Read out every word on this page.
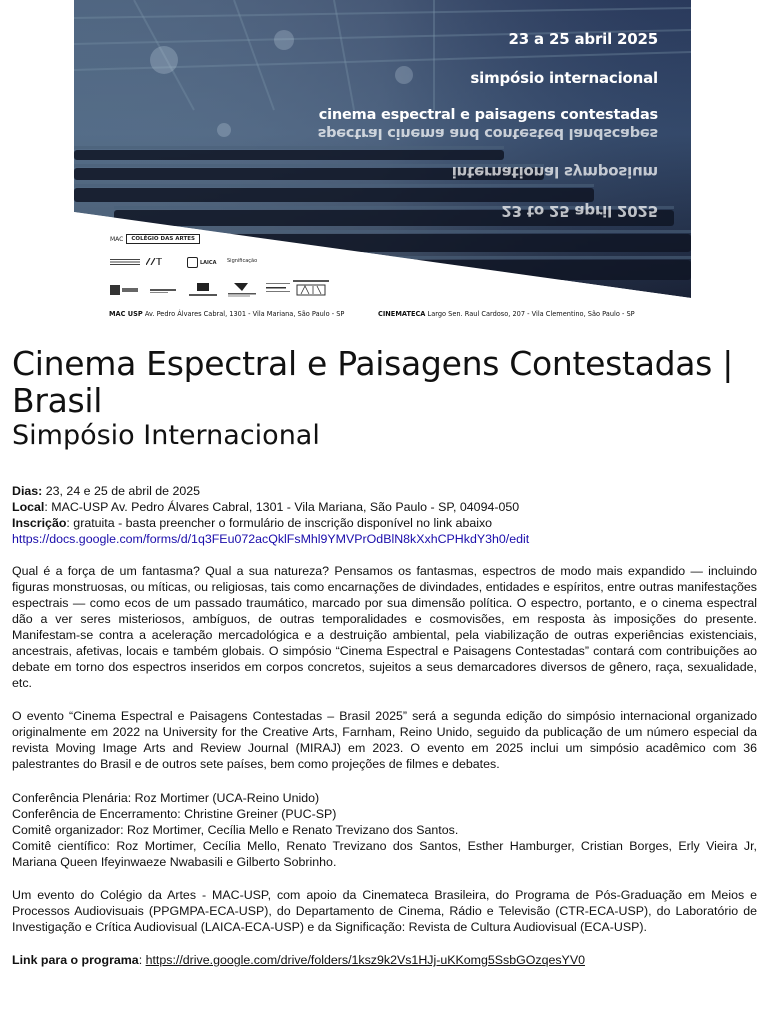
23 a 25 abril 2025
simpósio internacional
cinema espectral e paisagens contestadas
spectral cinema and contested landscapes
international symposium
23 to 25 april 2025
MAC	COLÉGIO DAS ARTES
LAICA Significação
MAC USP Av. Pedro Álvares Cabral, 1301 - Vila Mariana, São Paulo - SP	CINEMATECA Largo Sen. Raul Cardoso, 207 - Vila Clementino, São Paulo - SP
Cinema Espectral e Paisagens Contestadas | Brasil
Simpósio Internacional
Dias: 23, 24 e 25 de abril de 2025
Local: MAC-USP Av. Pedro Álvares Cabral, 1301 - Vila Mariana, São Paulo - SP, 04094-050
Inscrição: gratuita - basta preencher o formulário de inscrição disponível no link abaixo
https://docs.google.com/forms/d/1q3FEu072acQklFsMhl9YMVPrOdBlN8kXxhCPHkdY3h0/edit

Qual é a força de um fantasma? Qual a sua natureza? Pensamos os fantasmas, espectros de modo mais expandido — incluindo figuras monstruosas, ou míticas, ou religiosas, tais como encarnações de divindades, entidades e espíritos, entre outras manifestações espectrais — como ecos de um passado traumático, marcado por sua dimensão política. O espectro, portanto, e o cinema espectral dão a ver seres misteriosos, ambíguos, de outras temporalidades e cosmovisões, em resposta às imposições do presente. Manifestam-se contra a aceleração mercadológica e a destruição ambiental, pela viabilização de outras experiências existenciais, ancestrais, afetivas, locais e também globais. O simpósio “Cinema Espectral e Paisagens Contestadas” contará com contribuições ao debate em torno dos espectros inseridos em corpos concretos, sujeitos a seus demarcadores diversos de gênero, raça, sexualidade, etc.

O evento “Cinema Espectral e Paisagens Contestadas – Brasil 2025” será a segunda edição do simpósio internacional organizado originalmente em 2022 na University for the Creative Arts, Farnham, Reino Unido, seguido da publicação de um número especial da revista Moving Image Arts and Review Journal (MIRAJ) em 2023. O evento em 2025 inclui um simpósio acadêmico com 36 palestrantes do Brasil e de outros sete países, bem como projeções de filmes e debates.

Conferência Plenária: Roz Mortimer (UCA-Reino Unido)
Conferência de Encerramento: Christine Greiner (PUC-SP)
Comitê organizador: Roz Mortimer, Cecília Mello e Renato Trevizano dos Santos.
Comitê científico: Roz Mortimer, Cecília Mello, Renato Trevizano dos Santos, Esther Hamburger, Cristian Borges, Erly Vieira Jr, Mariana Queen Ifeyinwaeze Nwabasili e Gilberto Sobrinho.

Um evento do Colégio da Artes - MAC-USP, com apoio da Cinemateca Brasileira, do Programa de Pós-Graduação em Meios e Processos Audiovisuais (PPGMPA-ECA-USP), do Departamento de Cinema, Rádio e Televisão (CTR-ECA-USP), do Laboratório de Investigação e Crítica Audiovisual (LAICA-ECA-USP) e da Significação: Revista de Cultura Audiovisual (ECA-USP).

Link para o programa: https://drive.google.com/drive/folders/1ksz9k2Vs1HJj-uKKomg5SsbGOzqesYV0
